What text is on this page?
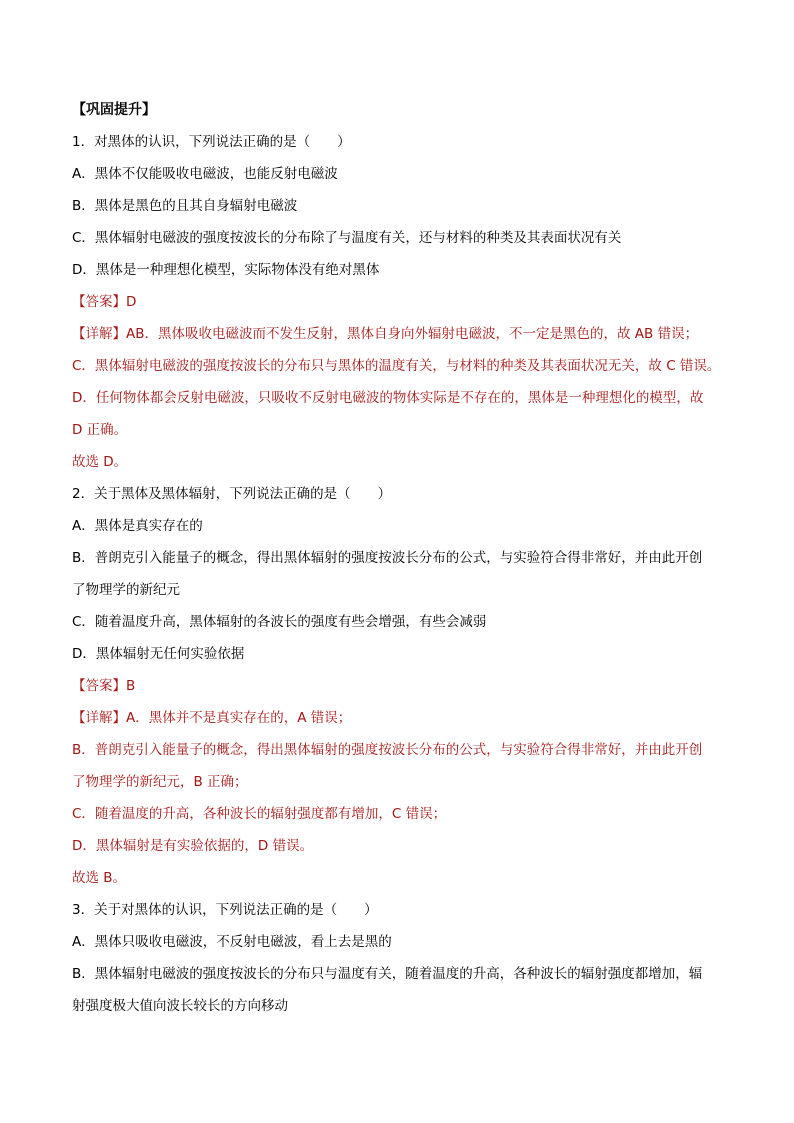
【巩固提升】
1．对黑体的认识，下列说法正确的是（　　）
A．黑体不仅能吸收电磁波，也能反射电磁波
B．黑体是黑色的且其自身辐射电磁波
C．黑体辐射电磁波的强度按波长的分布除了与温度有关，还与材料的种类及其表面状况有关
D．黑体是一种理想化模型，实际物体没有绝对黑体
【答案】D
【详解】AB．黑体吸收电磁波而不发生反射，黑体自身向外辐射电磁波，不一定是黑色的，故 AB 错误；
C．黑体辐射电磁波的强度按波长的分布只与黑体的温度有关，与材料的种类及其表面状况无关，故 C 错误。
D．任何物体都会反射电磁波，只吸收不反射电磁波的物体实际是不存在的，黑体是一种理想化的模型，故
D 正确。
故选 D。
2．关于黑体及黑体辐射，下列说法正确的是（　　）
A．黑体是真实存在的
B．普朗克引入能量子的概念，得出黑体辐射的强度按波长分布的公式，与实验符合得非常好，并由此开创
了物理学的新纪元
C．随着温度升高，黑体辐射的各波长的强度有些会增强，有些会减弱
D．黑体辐射无任何实验依据
【答案】B
【详解】A．黑体并不是真实存在的，A 错误；
B．普朗克引入能量子的概念，得出黑体辐射的强度按波长分布的公式，与实验符合得非常好，并由此开创
了物理学的新纪元，B 正确；
C．随着温度的升高，各种波长的辐射强度都有增加，C 错误；
D．黑体辐射是有实验依据的，D 错误。
故选 B。
3．关于对黑体的认识，下列说法正确的是（　　）
A．黑体只吸收电磁波，不反射电磁波，看上去是黑的
B．黑体辐射电磁波的强度按波长的分布只与温度有关，随着温度的升高，各种波长的辐射强度都增加，辐
射强度极大值向波长较长的方向移动
